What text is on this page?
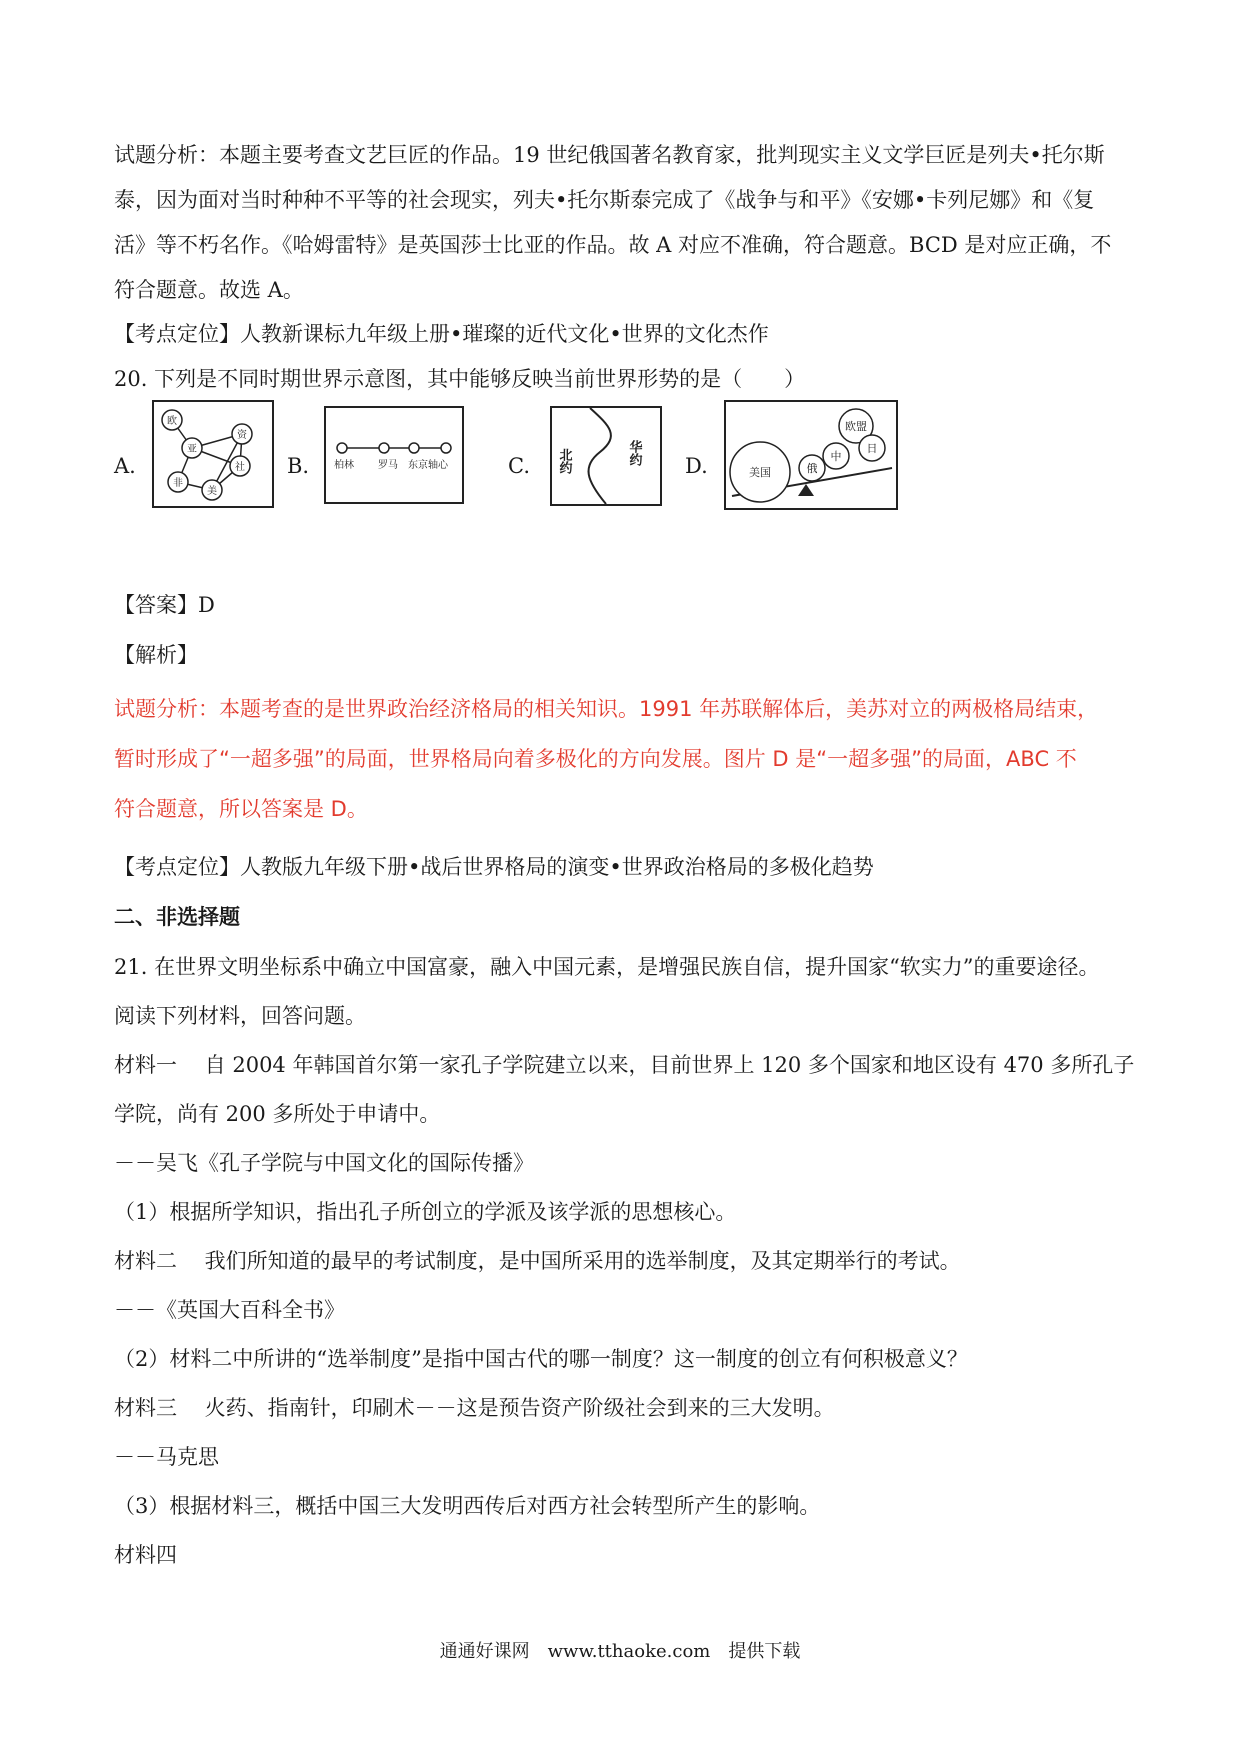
试题分析：本题主要考查文艺巨匠的作品。19 世纪俄国著名教育家，批判现实主义文学巨匠是列夫•托尔斯
泰，因为面对当时种种不平等的社会现实，列夫•托尔斯泰完成了《战争与和平》《安娜•卡列尼娜》和《复
活》等不朽名作。《哈姆雷特》是英国莎士比亚的作品。故 A 对应不准确，符合题意。BCD 是对应正确，不
符合题意。故选 A。
【考点定位】人教新课标九年级上册•璀璨的近代文化•世界的文化杰作
20. 下列是不同时期世界示意图，其中能够反映当前世界形势的是（　　）
A.
欧
资
亚
社
非
美
B. 柏林 罗马 东京轴心	C. 北约	华约 D.	美国	俄
中
欧盟
日
【答案】D
【解析】
试题分析：本题考查的是世界政治经济格局的相关知识。1991 年苏联解体后，美苏对立的两极格局结束，
暂时形成了“一超多强”的局面，世界格局向着多极化的方向发展。图片 D 是“一超多强”的局面，ABC 不
符合题意，所以答案是 D。
【考点定位】人教版九年级下册•战后世界格局的演变•世界政治格局的多极化趋势
二、非选择题
21. 在世界文明坐标系中确立中国富豪，融入中国元素，是增强民族自信，提升国家“软实力”的重要途径。
阅读下列材料，回答问题。
材料一　 自 2004 年韩国首尔第一家孔子学院建立以来，目前世界上 120 多个国家和地区设有 470 多所孔子
学院，尚有 200 多所处于申请中。
－－吴飞《孔子学院与中国文化的国际传播》
（1）根据所学知识，指出孔子所创立的学派及该学派的思想核心。
材料二　 我们所知道的最早的考试制度，是中国所采用的选举制度，及其定期举行的考试。
－－《英国大百科全书》
（2）材料二中所讲的“选举制度”是指中国古代的哪一制度？这一制度的创立有何积极意义？
材料三　 火药、指南针，印刷术－－这是预告资产阶级社会到来的三大发明。
－－马克思
（3）根据材料三，概括中国三大发明西传后对西方社会转型所产生的影响。
材料四
通通好课网　www.tthaoke.com　提供下载
